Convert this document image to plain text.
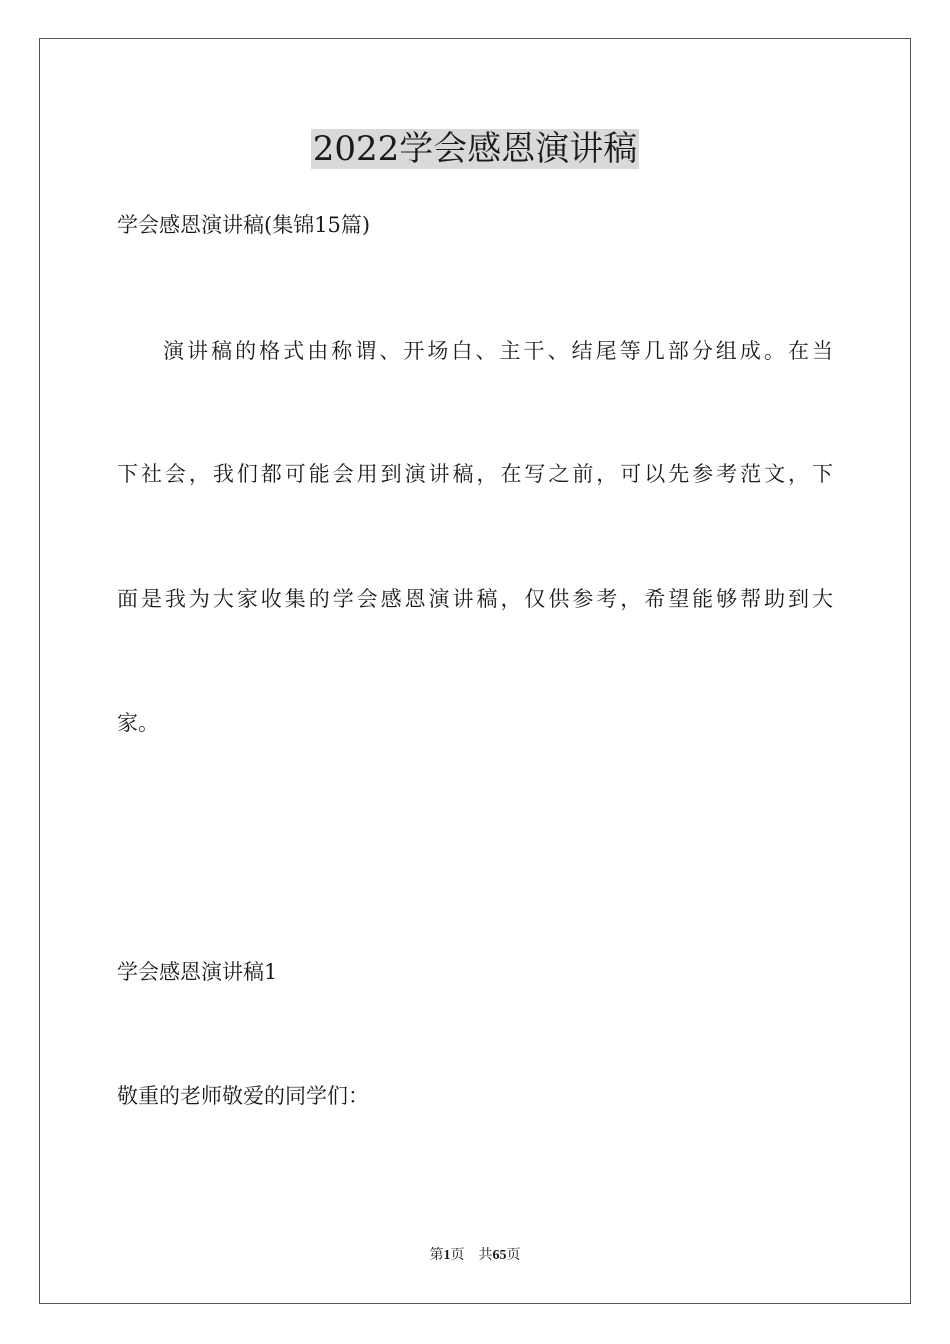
2022学会感恩演讲稿
学会感恩演讲稿(集锦15篇)
演讲稿的格式由称谓、开场白、主干、结尾等几部分组成。在当
下社会，我们都可能会用到演讲稿，在写之前，可以先参考范文，下
面是我为大家收集的学会感恩演讲稿，仅供参考，希望能够帮助到大
家。
学会感恩演讲稿1
敬重的老师敬爱的同学们：
第1页　共65页
